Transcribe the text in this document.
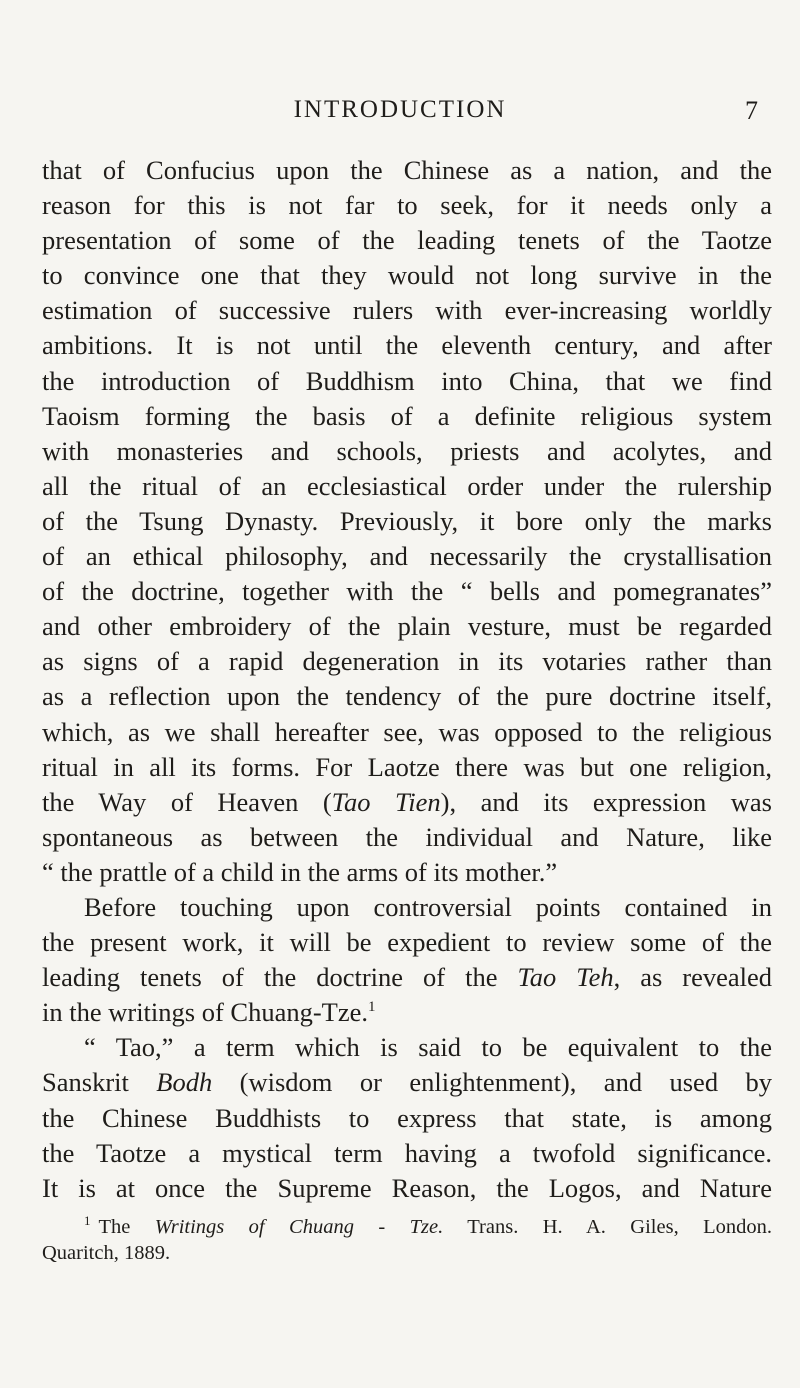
INTRODUCTION	7
that of Confucius upon the Chinese as a nation, and the
reason for this is not far to seek, for it needs only a
presentation of some of the leading tenets of the Taotze
to convince one that they would not long survive in the
estimation of successive rulers with ever-increasing worldly
ambitions. It is not until the eleventh century, and after
the introduction of Buddhism into China, that we find
Taoism forming the basis of a definite religious system
with monasteries and schools, priests and acolytes, and
all the ritual of an ecclesiastical order under the rulership
of the Tsung Dynasty. Previously, it bore only the marks
of an ethical philosophy, and necessarily the crystallisation
of the doctrine, together with the “ bells and pomegranates”
and other embroidery of the plain vesture, must be regarded
as signs of a rapid degeneration in its votaries rather than
as a reflection upon the tendency of the pure doctrine itself,
which, as we shall hereafter see, was opposed to the religious
ritual in all its forms. For Laotze there was but one religion,
the Way of Heaven (Tao Tien), and its expression was
spontaneous as between the individual and Nature, like
“ the prattle of a child in the arms of its mother.”
Before touching upon controversial points contained in
the present work, it will be expedient to review some of the
leading tenets of the doctrine of the Tao Teh, as revealed
in the writings of Chuang-Tze.$^1$
“ Tao,” a term which is said to be equivalent to the
Sanskrit Bodh (wisdom or enlightenment), and used by
the Chinese Buddhists to express that state, is among
the Taotze a mystical term having a twofold significance.
It is at once the Supreme Reason, the Logos, and Nature
$^1$ The Writings of Chuang - Tze. Trans. H. A. Giles, London.
Quaritch, 1889.
